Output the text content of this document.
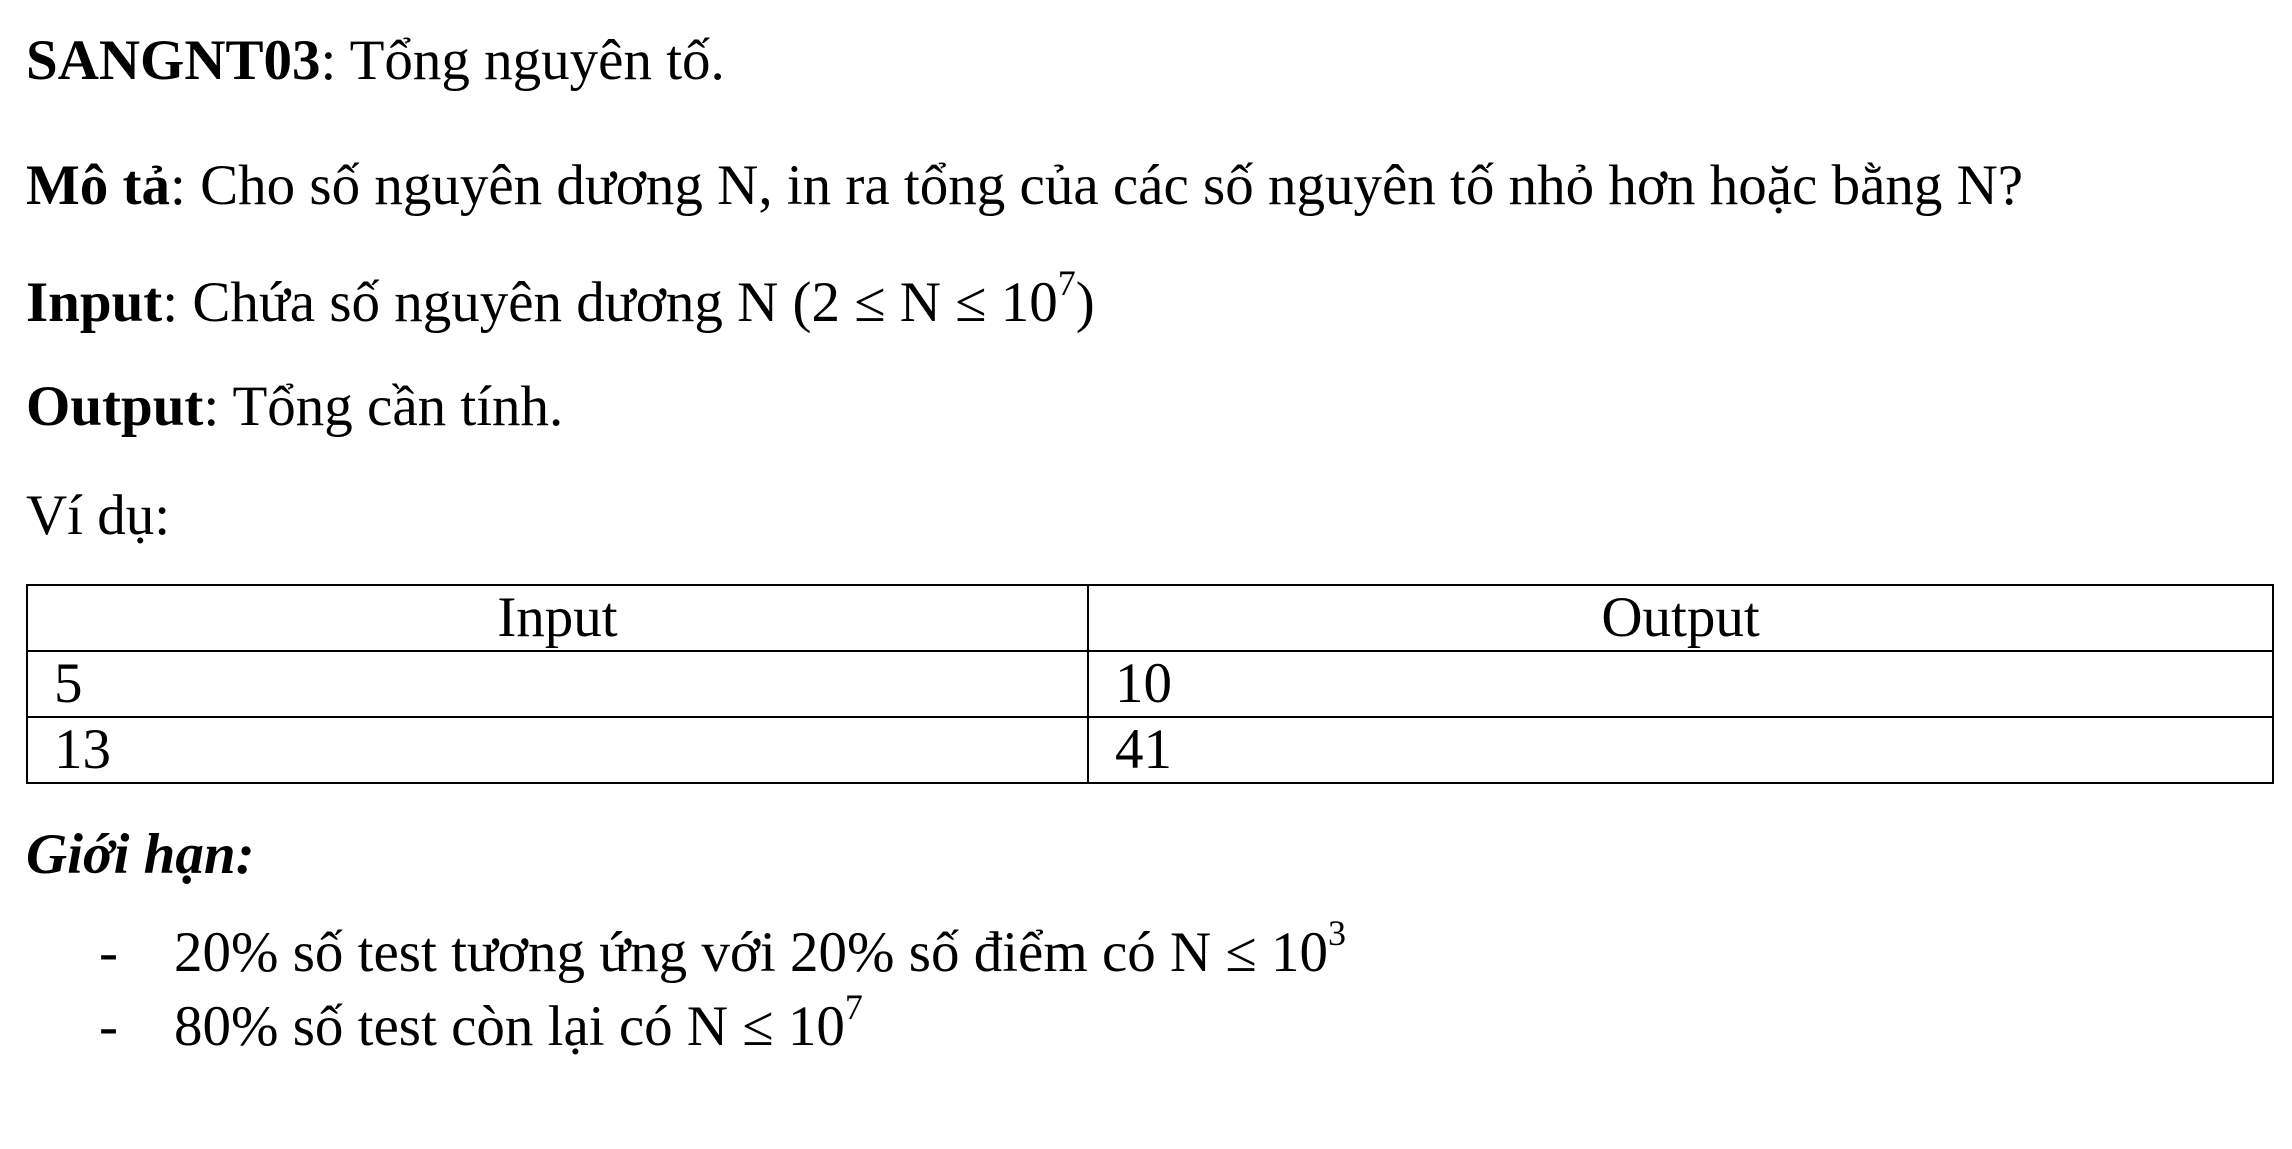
SANGNT03: Tổng nguyên tố.
Mô tả: Cho số nguyên dương N, in ra tổng của các số nguyên tố nhỏ hơn hoặc bằng N?
Input: Chứa số nguyên dương N $(2 \le N \le 10^7)$
Output: Tổng cần tính.
Ví dụ:
Input	Output
5	10
13	41
Giới hạn:
- 20% số test tương ứng với 20% số điểm có $N \le 10^3$
- 80% số test còn lại có $N \le 10^7$
